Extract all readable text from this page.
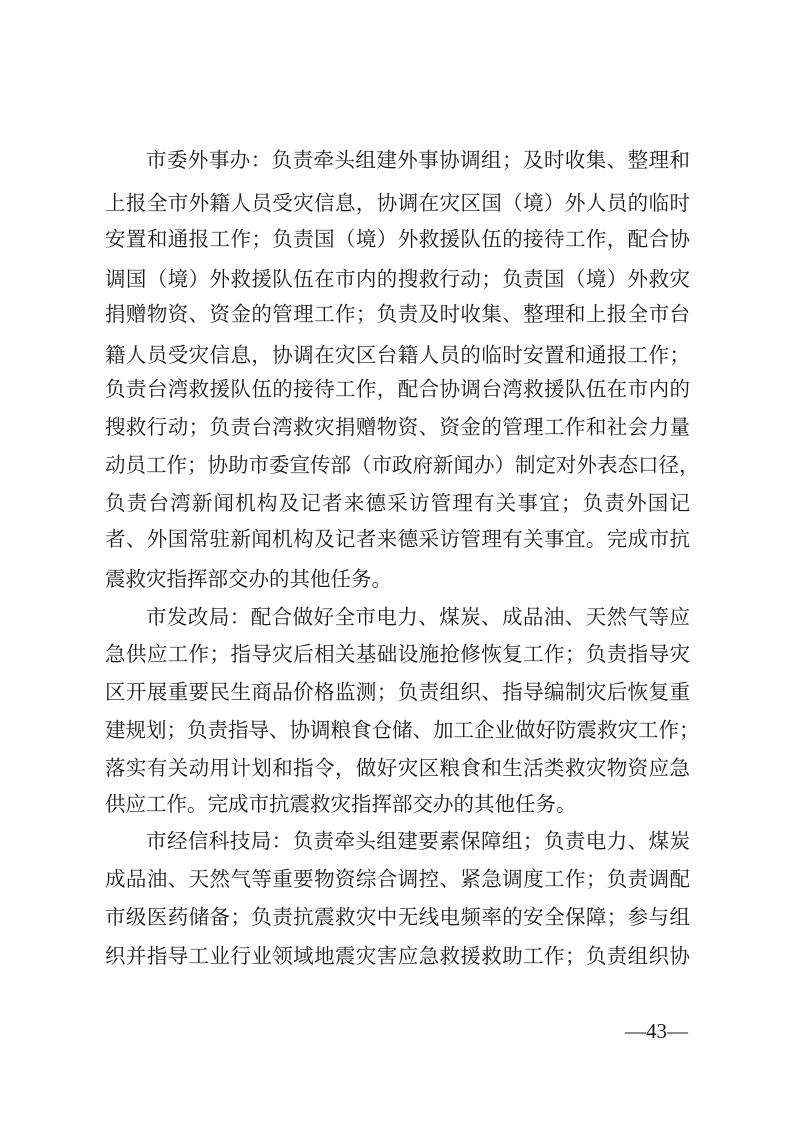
市委外事办：负责牵头组建外事协调组；及时收集、整理和
上报全市外籍人员受灾信息，协调在灾区国（境）外人员的临时
安置和通报工作；负责国（境）外救援队伍的接待工作，配合协
调国（境）外救援队伍在市内的搜救行动；负责国（境）外救灾
捐赠物资、资金的管理工作；负责及时收集、整理和上报全市台
籍人员受灾信息，协调在灾区台籍人员的临时安置和通报工作；
负责台湾救援队伍的接待工作，配合协调台湾救援队伍在市内的
搜救行动；负责台湾救灾捐赠物资、资金的管理工作和社会力量
动员工作；协助市委宣传部（市政府新闻办）制定对外表态口径，
负责台湾新闻机构及记者来德采访管理有关事宜；负责外国记
者、外国常驻新闻机构及记者来德采访管理有关事宜。完成市抗
震救灾指挥部交办的其他任务。
市发改局：配合做好全市电力、煤炭、成品油、天然气等应
急供应工作；指导灾后相关基础设施抢修恢复工作；负责指导灾
区开展重要民生商品价格监测；负责组织、指导编制灾后恢复重
建规划；负责指导、协调粮食仓储、加工企业做好防震救灾工作；
落实有关动用计划和指令，做好灾区粮食和生活类救灾物资应急
供应工作。完成市抗震救灾指挥部交办的其他任务。
市经信科技局：负责牵头组建要素保障组；负责电力、煤炭
成品油、天然气等重要物资综合调控、紧急调度工作；负责调配
市级医药储备；负责抗震救灾中无线电频率的安全保障；参与组
织并指导工业行业领域地震灾害应急救援救助工作；负责组织协
—43—
